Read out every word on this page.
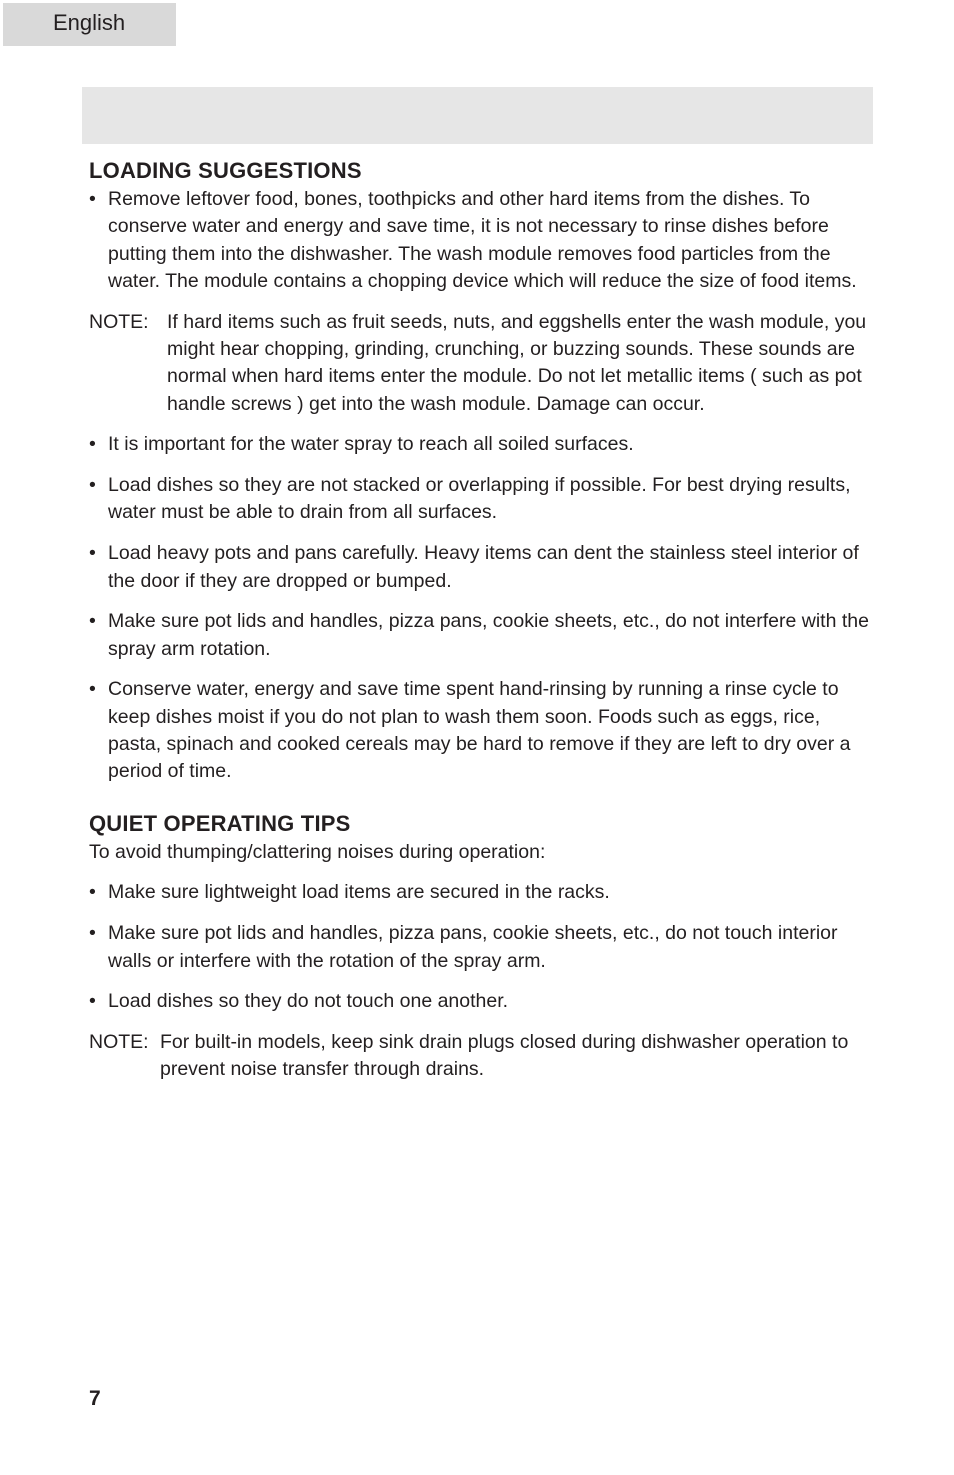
English
LOADING SUGGESTIONS
• Remove leftover food, bones, toothpicks and other hard items from the dishes. To conserve water and energy and save time, it is not necessary to rinse dishes before putting them into the dishwasher. The wash module removes food particles from the water. The module contains a chopping device which will reduce the size of food items.
NOTE: If hard items such as fruit seeds, nuts, and eggshells enter the wash module, you might hear chopping, grinding, crunching, or buzzing sounds. These sounds are normal when hard items enter the module. Do not let metallic items ( such as pot handle screws ) get into the wash module. Damage can occur.
• It is important for the water spray to reach all soiled surfaces.
• Load dishes so they are not stacked or overlapping if possible. For best drying results, water must be able to drain from all surfaces.
• Load heavy pots and pans carefully. Heavy items can dent the stainless steel interior of the door if they are dropped or bumped.
• Make sure pot lids and handles, pizza pans, cookie sheets, etc., do not interfere with the spray arm rotation.
• Conserve water, energy and save time spent hand-rinsing by running a rinse cycle to keep dishes moist if you do not plan to wash them soon. Foods such as eggs, rice, pasta, spinach and cooked cereals may be hard to remove if they are left to dry over a period of time.
QUIET OPERATING TIPS

To avoid thumping/clattering noises during operation:

• Make sure lightweight load items are secured in the racks.
• Make sure pot lids and handles, pizza pans, cookie sheets, etc., do not touch interior walls or interfere with the rotation of the spray arm.
• Load dishes so they do not touch one another.
NOTE: For built-in models, keep sink drain plugs closed during dishwasher operation to prevent noise transfer through drains.
7
